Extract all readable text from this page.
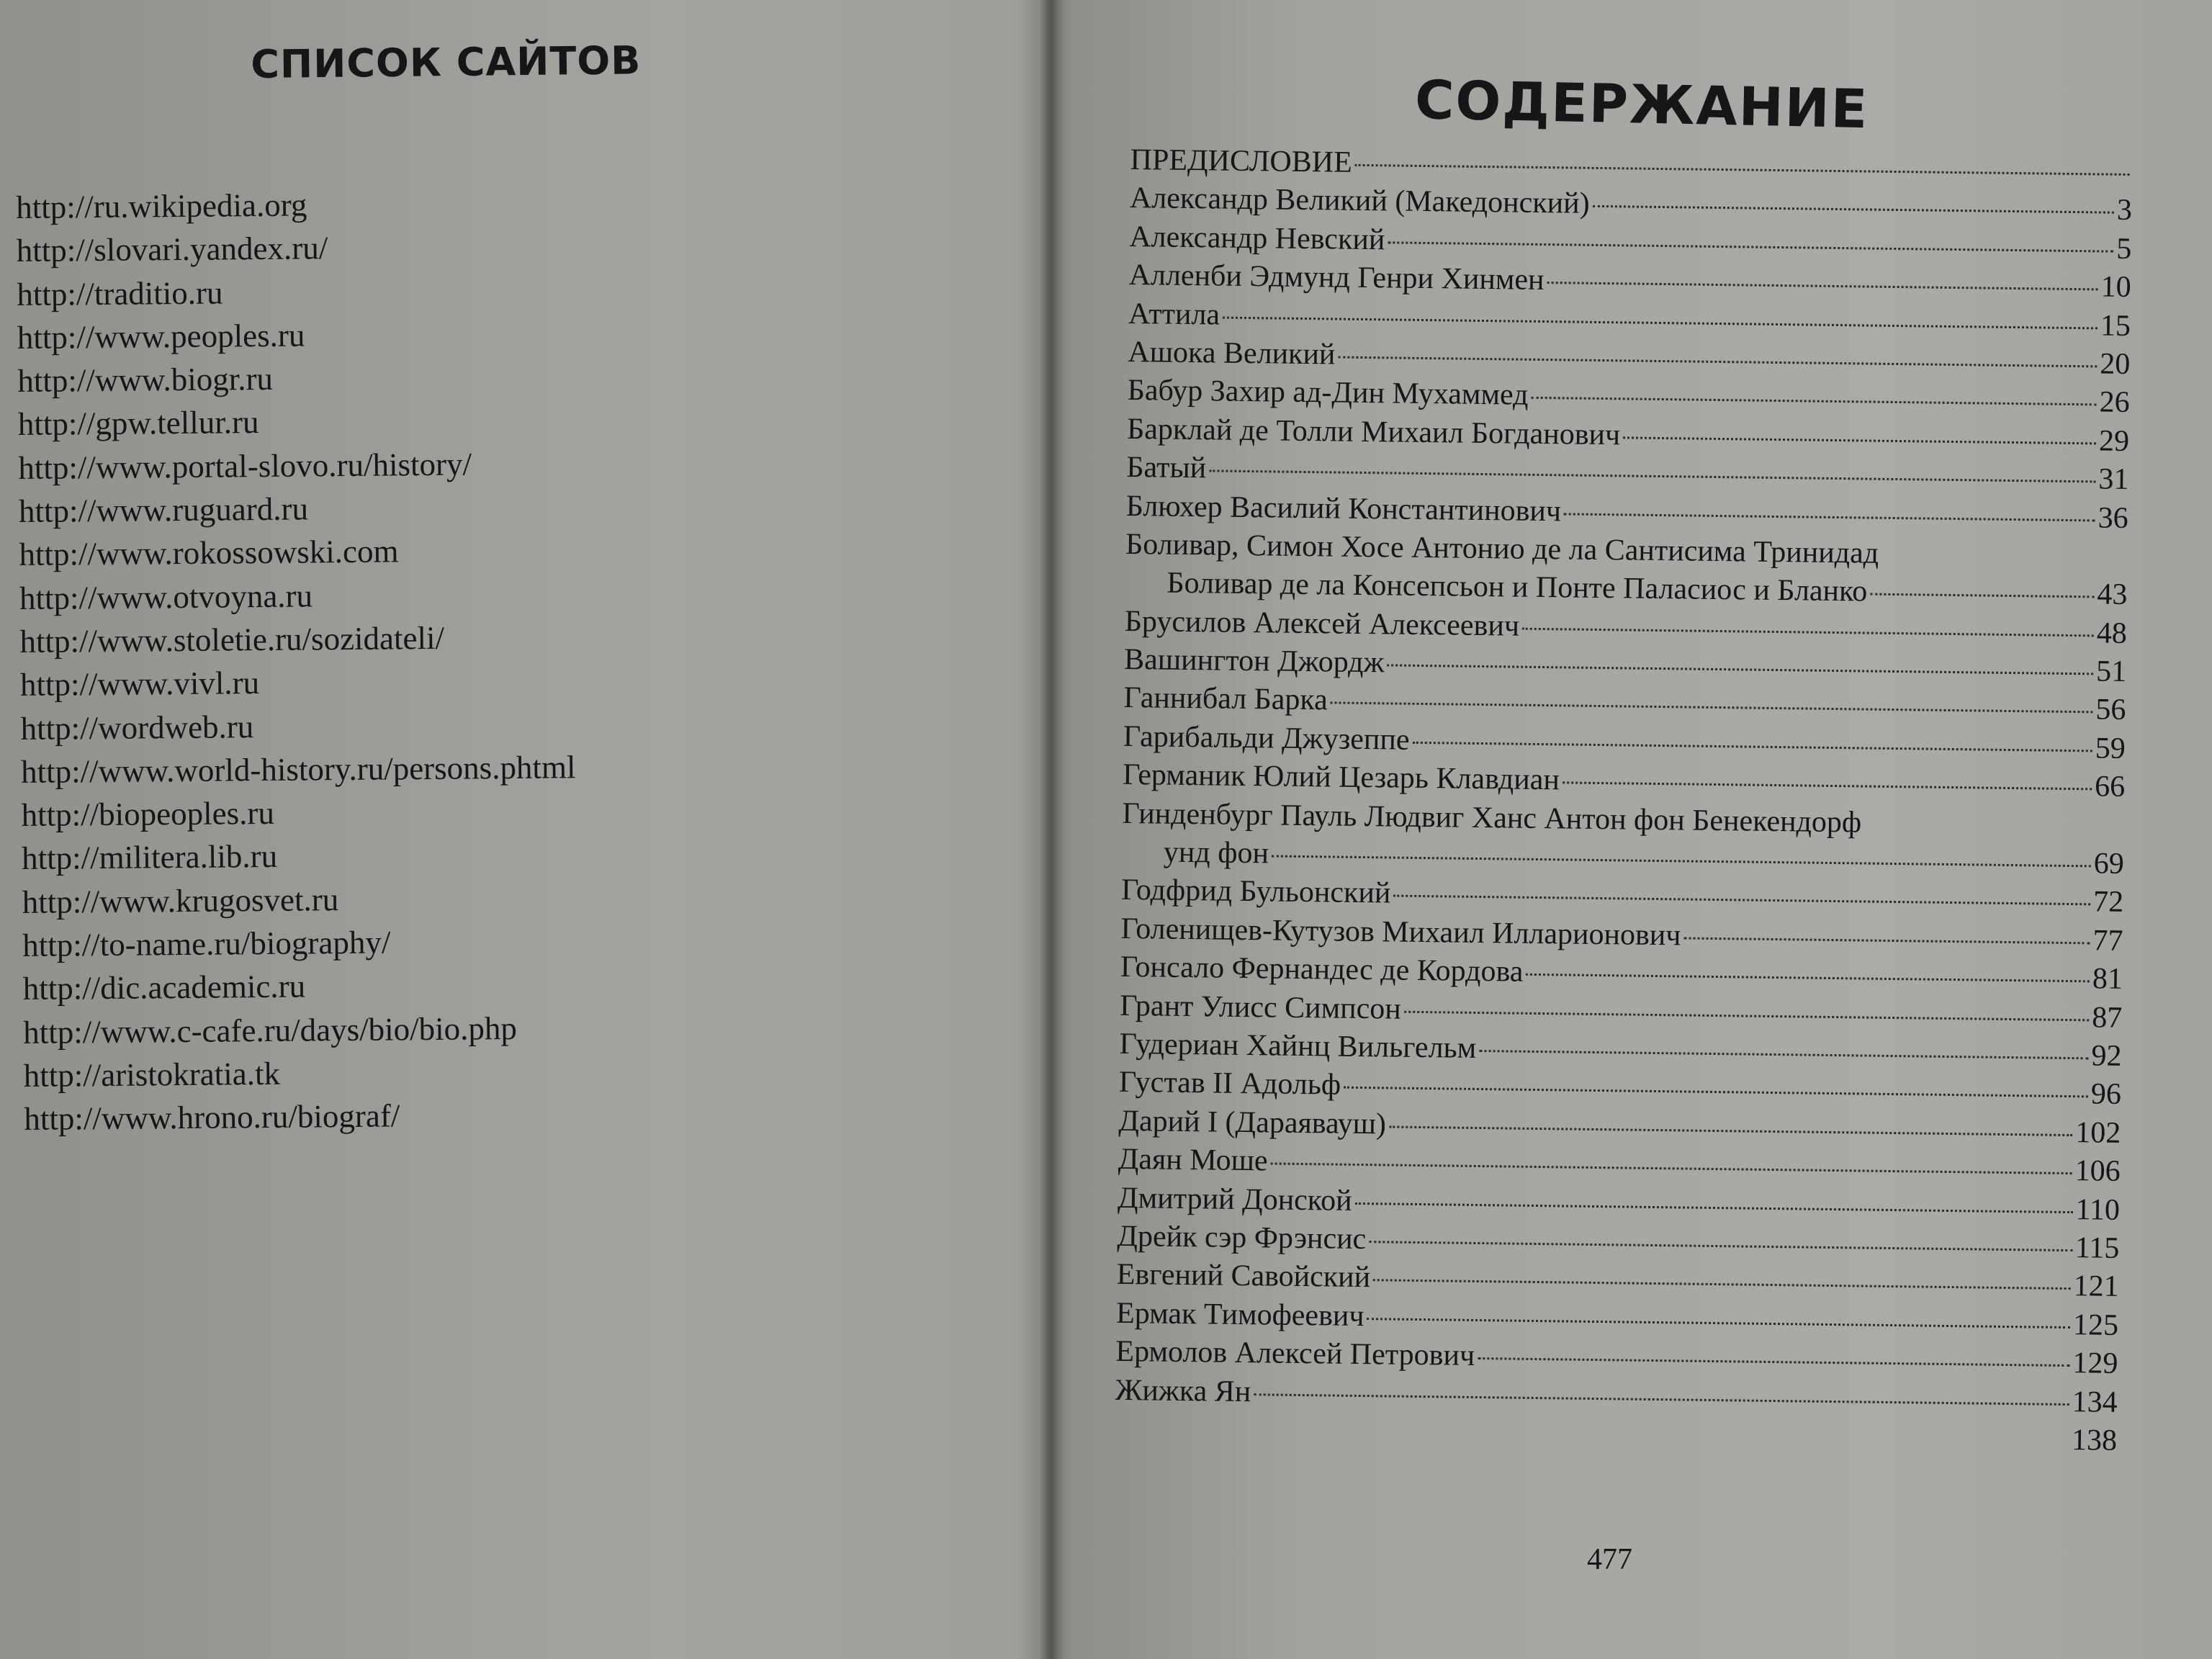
СПИСОК САЙТОВ
http://ru.wikipedia.org
http://slovari.yandex.ru/
http://traditio.ru
http://www.peoples.ru
http://www.biogr.ru
http://gpw.tellur.ru
http://www.portal-slovo.ru/history/
http://www.ruguard.ru
http://www.rokossowski.com
http://www.otvoyna.ru
http://www.stoletie.ru/sozidateli/
http://www.vivl.ru
http://wordweb.ru
http://www.world-history.ru/persons.phtml
http://biopeoples.ru
http://militera.lib.ru
http://www.krugosvet.ru
http://to-name.ru/biography/
http://dic.academic.ru
http://www.c-cafe.ru/days/bio/bio.php
http://aristokratia.tk
http://www.hrono.ru/biograf/
СОДЕРЖАНИЕ
ПРЕДИСЛОВИЕ
Александр Великий (Македонский)	3
Александр Невский	5
Алленби Эдмунд Генри Хинмен	10
Аттила	15
Ашока Великий	20
Бабур Захир ад-Дин Мухаммед	26
Барклай де Толли Михаил Богданович	29
Батый	31
Блюхер Василий Константинович	36
Боливар, Симон Хосе Антонио де ла Сантисима Тринидад
Боливар де ла Консепсьон и Понте Паласиос и Бланко	43
Брусилов Алексей Алексеевич	48
Вашингтон Джордж	51
Ганнибал Барка	56
Гарибальди Джузеппе	59
Германик Юлий Цезарь Клавдиан	66
Гинденбург Пауль Людвиг Ханс Антон фон Бенекендорф
унд фон	69
Годфрид Бульонский	72
Голенищев-Кутузов Михаил Илларионович	77
Гонсало Фернандес де Кордова	81
Грант Улисс Симпсон	87
Гудериан Хайнц Вильгельм	92
Густав II Адольф	96
Дарий I (Дараявауш)	102
Даян Моше	106
Дмитрий Донской	110
Дрейк сэр Фрэнсис	115
Евгений Савойский	121
Ермак Тимофеевич	125
Ермолов Алексей Петрович	129
Жижка Ян	134
138
477
